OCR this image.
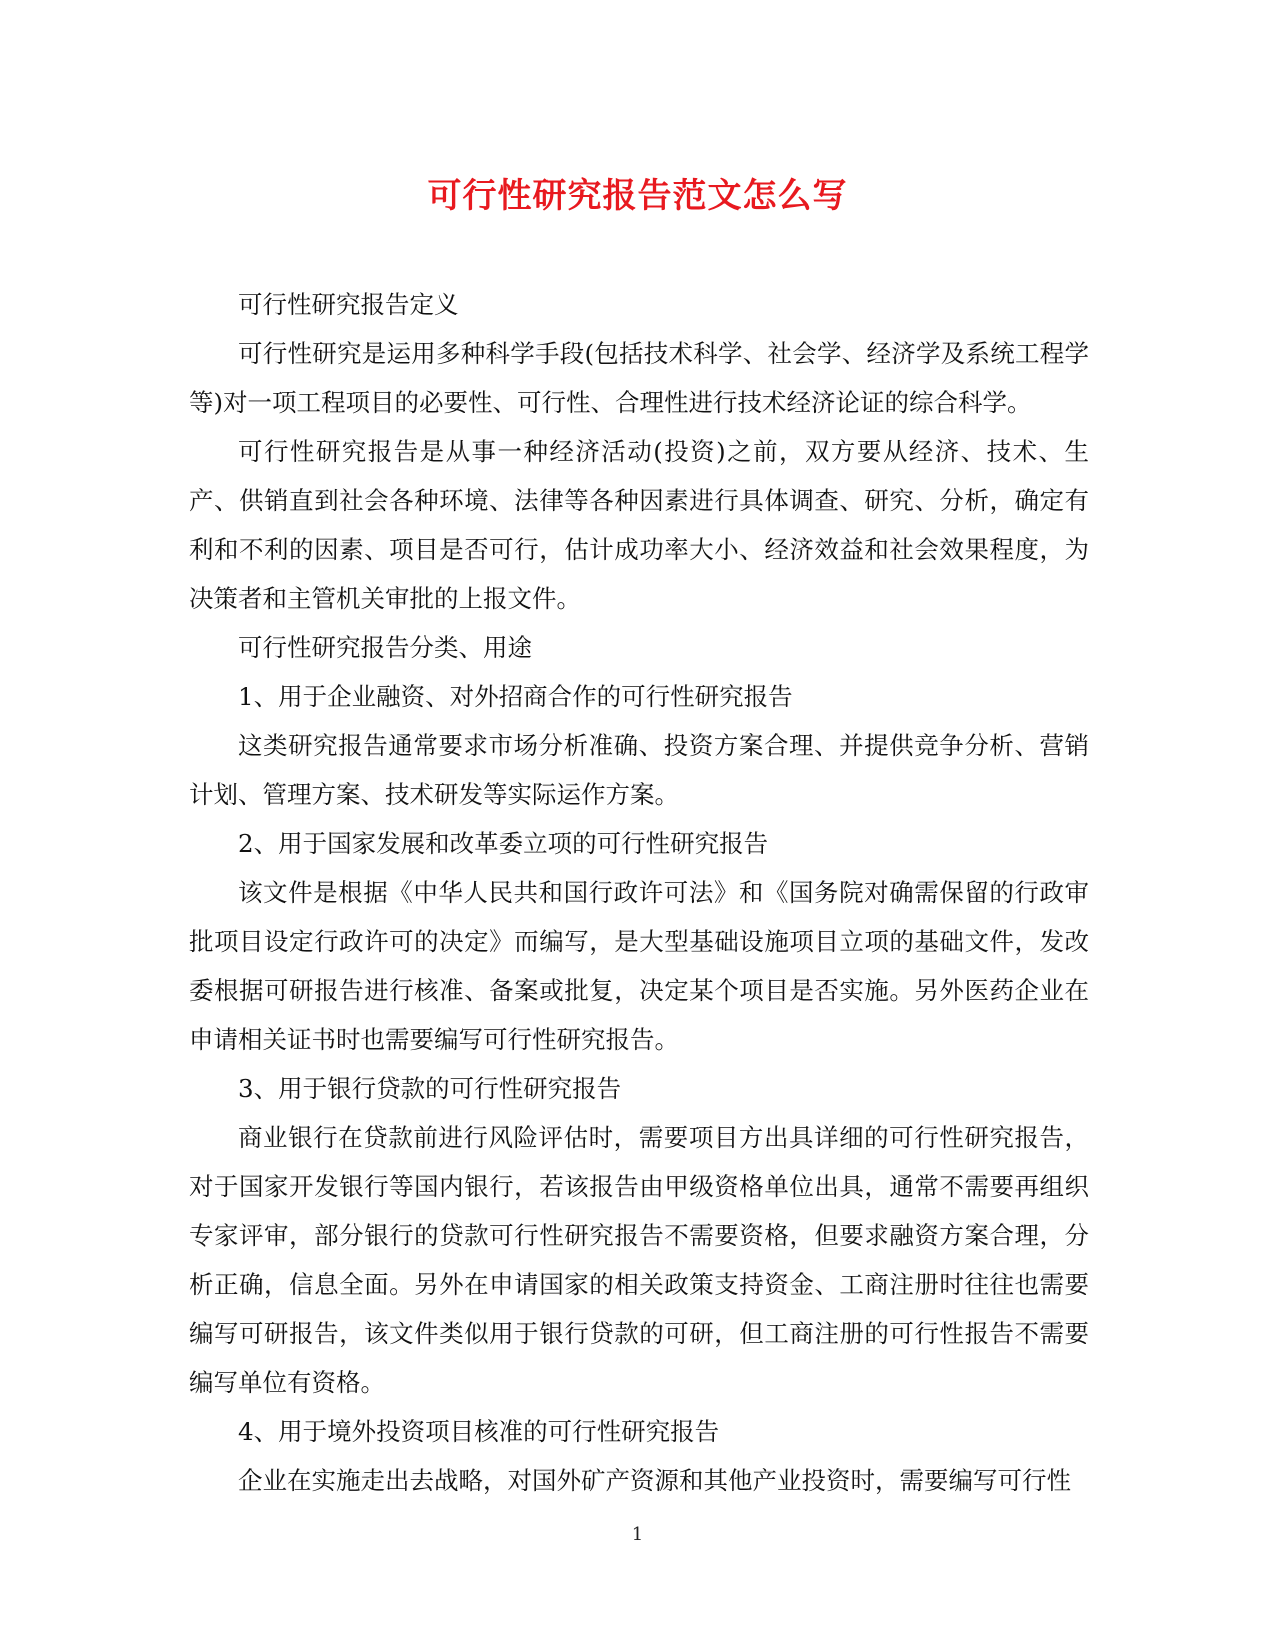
可行性研究报告范文怎么写

可行性研究报告定义

可行性研究是运用多种科学手段(包括技术科学、社会学、经济学及系统工程学等)对一项工程项目的必要性、可行性、合理性进行技术经济论证的综合科学。

可行性研究报告是从事一种经济活动(投资)之前，双方要从经济、技术、生产、供销直到社会各种环境、法律等各种因素进行具体调查、研究、分析，确定有利和不利的因素、项目是否可行，估计成功率大小、经济效益和社会效果程度，为决策者和主管机关审批的上报文件。

可行性研究报告分类、用途

1、用于企业融资、对外招商合作的可行性研究报告

这类研究报告通常要求市场分析准确、投资方案合理、并提供竞争分析、营销计划、管理方案、技术研发等实际运作方案。

2、用于国家发展和改革委立项的可行性研究报告

该文件是根据《中华人民共和国行政许可法》和《国务院对确需保留的行政审批项目设定行政许可的决定》而编写，是大型基础设施项目立项的基础文件，发改委根据可研报告进行核准、备案或批复，决定某个项目是否实施。另外医药企业在申请相关证书时也需要编写可行性研究报告。

3、用于银行贷款的可行性研究报告

商业银行在贷款前进行风险评估时，需要项目方出具详细的可行性研究报告，对于国家开发银行等国内银行，若该报告由甲级资格单位出具，通常不需要再组织专家评审，部分银行的贷款可行性研究报告不需要资格，但要求融资方案合理，分析正确，信息全面。另外在申请国家的相关政策支持资金、工商注册时往往也需要编写可研报告，该文件类似用于银行贷款的可研，但工商注册的可行性报告不需要编写单位有资格。

4、用于境外投资项目核准的可行性研究报告

企业在实施走出去战略，对国外矿产资源和其他产业投资时，需要编写可行性

1
